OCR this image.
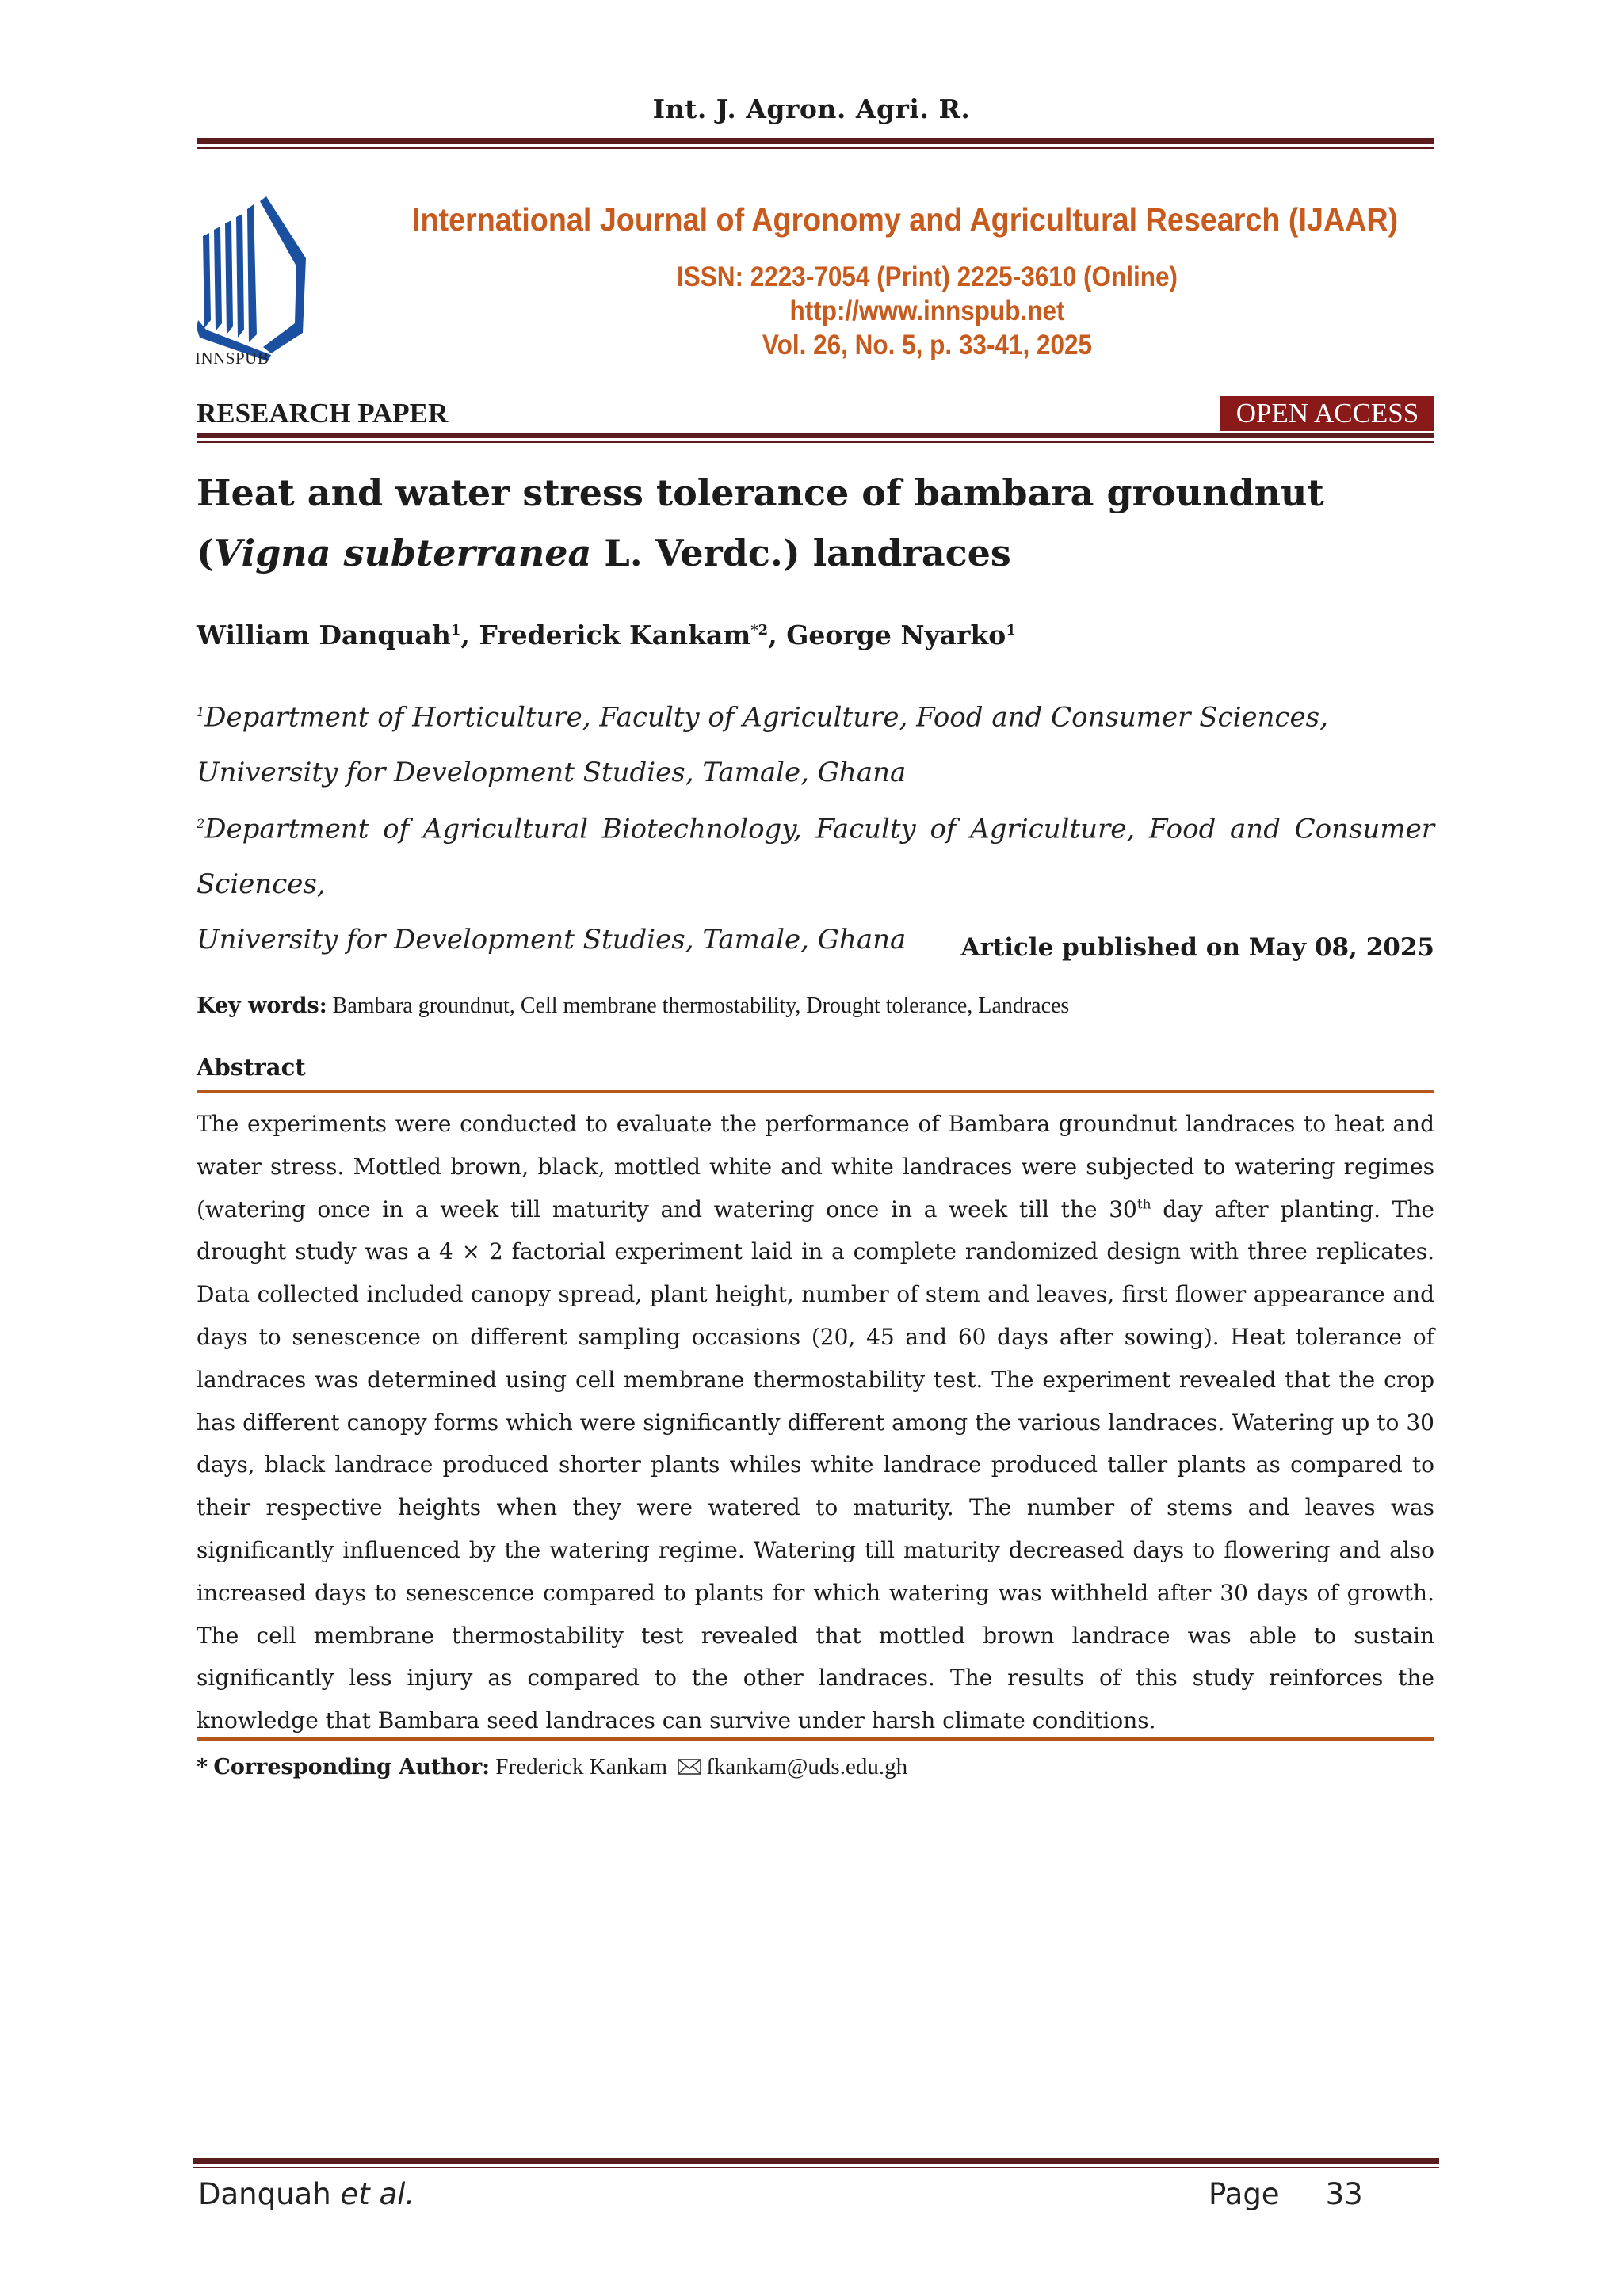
Int. J. Agron. Agri. R.
INNSPUB
International Journal of Agronomy and Agricultural Research (IJAAR)
ISSN: 2223-7054 (Print) 2225-3610 (Online)
http://www.innspub.net
Vol. 26, No. 5, p. 33-41, 2025
RESEARCH PAPER	OPEN ACCESS
Heat and water stress tolerance of bambara groundnut
(Vigna subterranea L. Verdc.) landraces
William Danquah$^1$, Frederick Kankam$^{*2}$, George Nyarko$^1$
$^1$Department of Horticulture, Faculty of Agriculture, Food and Consumer Sciences,
University for Development Studies, Tamale, Ghana
$^2$Department of Agricultural Biotechnology, Faculty of Agriculture, Food and Consumer Sciences,
University for Development Studies, Tamale, Ghana	Article published on May 08, 2025
Key words: Bambara groundnut, Cell membrane thermostability, Drought tolerance, Landraces
Abstract
The experiments were conducted to evaluate the performance of Bambara groundnut landraces to heat and water stress. Mottled brown, black, mottled white and white landraces were subjected to watering regimes (watering once in a week till maturity and watering once in a week till the 30th day after planting. The drought study was a 4 × 2 factorial experiment laid in a complete randomized design with three replicates. Data collected included canopy spread, plant height, number of stem and leaves, first flower appearance and days to senescence on different sampling occasions (20, 45 and 60 days after sowing). Heat tolerance of landraces was determined using cell membrane thermostability test. The experiment revealed that the crop has different canopy forms which were significantly different among the various landraces. Watering up to 30 days, black landrace produced shorter plants whiles white landrace produced taller plants as compared to their respective heights when they were watered to maturity. The number of stems and leaves was significantly influenced by the watering regime. Watering till maturity decreased days to flowering and also increased days to senescence compared to plants for which watering was withheld after 30 days of growth. The cell membrane thermostability test revealed that mottled brown landrace was able to sustain significantly less injury as compared to the other landraces. The results of this study reinforces the knowledge that Bambara seed landraces can survive under harsh climate conditions.
* Corresponding Author: Frederick Kankam fkankam@uds.edu.gh
Danquah et al.	Page 33
